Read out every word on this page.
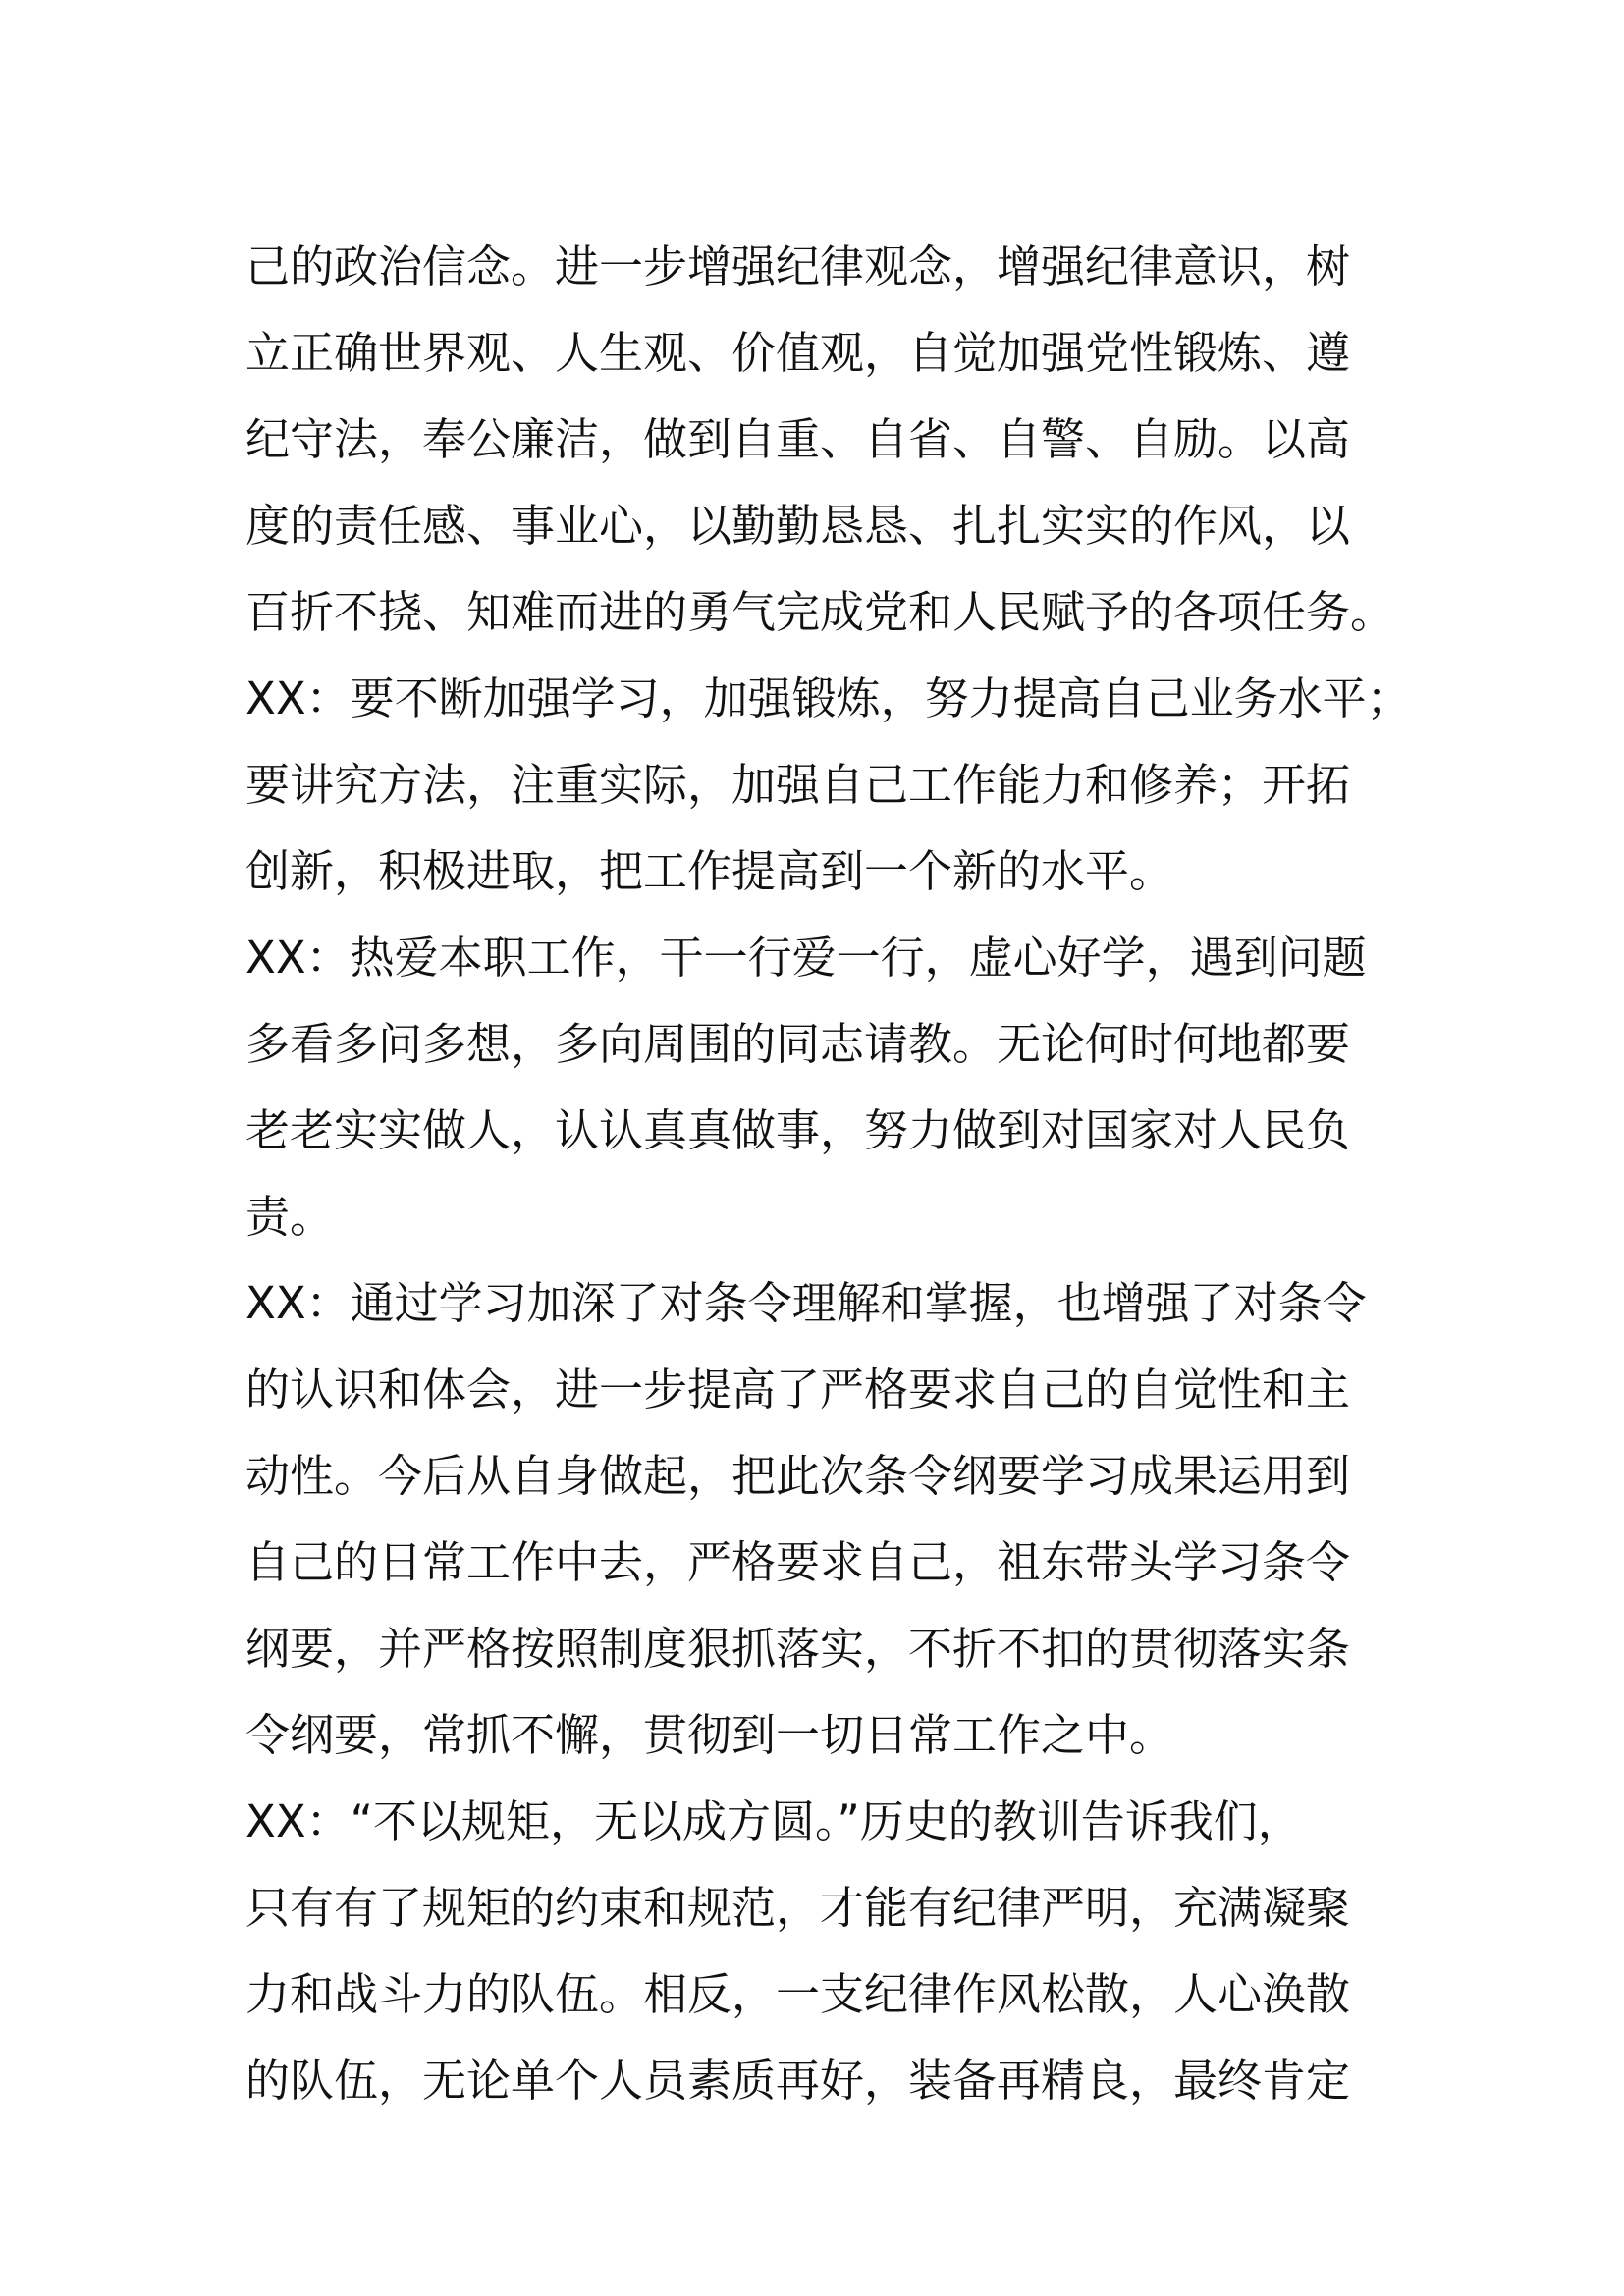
己的政治信念。进一步增强纪律观念，增强纪律意识，树
立正确世界观、人生观、价值观，自觉加强党性锻炼、遵
纪守法，奉公廉洁，做到自重、自省、自警、自励。以高
度的责任感、事业心，以勤勤恳恳、扎扎实实的作风，以
百折不挠、知难而进的勇气完成党和人民赋予的各项任务。
XX：要不断加强学习，加强锻炼，努力提高自己业务水平；
要讲究方法，注重实际，加强自己工作能力和修养；开拓
创新，积极进取，把工作提高到一个新的水平。
XX：热爱本职工作，干一行爱一行，虚心好学，遇到问题
多看多问多想，多向周围的同志请教。无论何时何地都要
老老实实做人，认认真真做事，努力做到对国家对人民负
责。
XX：通过学习加深了对条令理解和掌握，也增强了对条令
的认识和体会，进一步提高了严格要求自己的自觉性和主
动性。今后从自身做起，把此次条令纲要学习成果运用到
自己的日常工作中去，严格要求自己，祖东带头学习条令
纲要，并严格按照制度狠抓落实，不折不扣的贯彻落实条
令纲要，常抓不懈，贯彻到一切日常工作之中。
XX：“不以规矩，无以成方圆。”历史的教训告诉我们，
只有有了规矩的约束和规范，才能有纪律严明，充满凝聚
力和战斗力的队伍。相反，一支纪律作风松散，人心涣散
的队伍，无论单个人员素质再好，装备再精良，最终肯定
